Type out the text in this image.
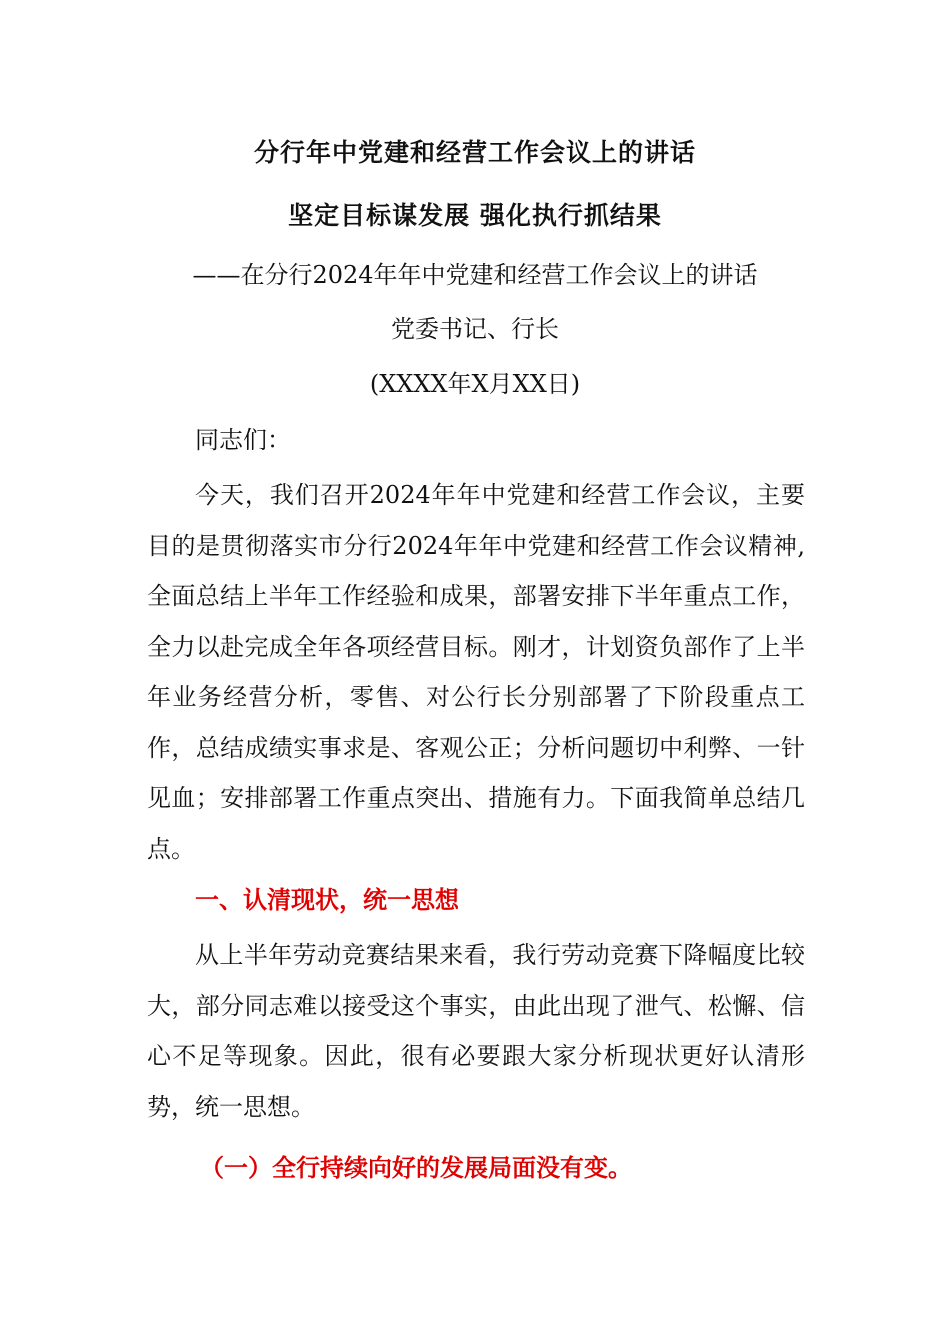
分行年中党建和经营工作会议上的讲话
坚定目标谋发展 强化执行抓结果
——在分行2024年年中党建和经营工作会议上的讲话
党委书记、行长
(XXXX年X月XX日)
同志们：

今天，我们召开2024年年中党建和经营工作会议，主要目的是贯彻落实市分行2024年年中党建和经营工作会议精神,全面总结上半年工作经验和成果，部署安排下半年重点工作，全力以赴完成全年各项经营目标。刚才，计划资负部作了上半年业务经营分析，零售、对公行长分别部署了下阶段重点工作，总结成绩实事求是、客观公正；分析问题切中利弊、一针见血；安排部署工作重点突出、措施有力。下面我简单总结几点。

一、认清现状，统一思想

从上半年劳动竞赛结果来看，我行劳动竞赛下降幅度比较大，部分同志难以接受这个事实，由此出现了泄气、松懈、信心不足等现象。因此，很有必要跟大家分析现状更好认清形势，统一思想。

（一）全行持续向好的发展局面没有变。
